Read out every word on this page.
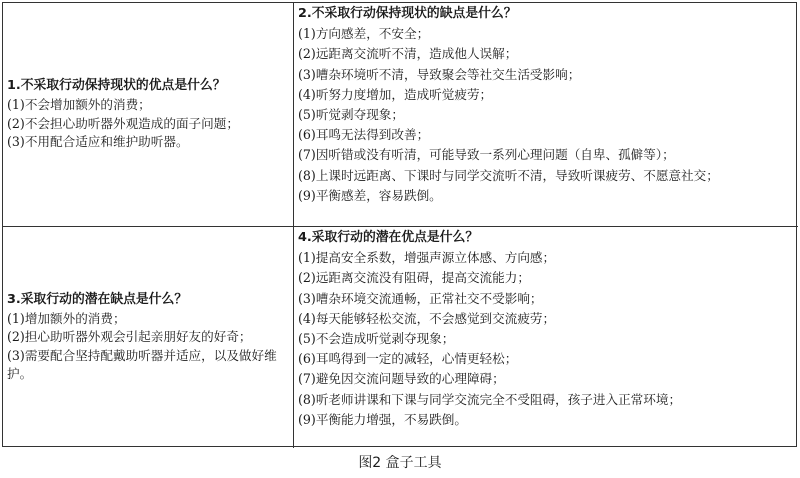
1.不采取行动保持现状的优点是什么？
(1)不会增加额外的消费；
(2)不会担心助听器外观造成的面子问题；
(3)不用配合适应和维护助听器。
2.不采取行动保持现状的缺点是什么？
(1)方向感差，不安全；
(2)远距离交流听不清，造成他人误解；
(3)嘈杂环境听不清，导致聚会等社交生活受影响；
(4)听努力度增加，造成听觉疲劳；
(5)听觉剥夺现象；
(6)耳鸣无法得到改善；
(7)因听错或没有听清，可能导致一系列心理问题（自卑、孤僻等）；
(8)上课时远距离、下课时与同学交流听不清，导致听课疲劳、不愿意社交；
(9)平衡感差，容易跌倒。
3.采取行动的潜在缺点是什么？
(1)增加额外的消费；
(2)担心助听器外观会引起亲朋好友的好奇；
(3)需要配合坚持配戴助听器并适应，以及做好维护。
4.采取行动的潜在优点是什么？
(1)提高安全系数，增强声源立体感、方向感；
(2)远距离交流没有阻碍，提高交流能力；
(3)嘈杂环境交流通畅，正常社交不受影响；
(4)每天能够轻松交流，不会感觉到交流疲劳；
(5)不会造成听觉剥夺现象；
(6)耳鸣得到一定的减轻，心情更轻松；
(7)避免因交流问题导致的心理障碍；
(8)听老师讲课和下课与同学交流完全不受阻碍，孩子进入正常环境；
(9)平衡能力增强，不易跌倒。
图2 盒子工具
